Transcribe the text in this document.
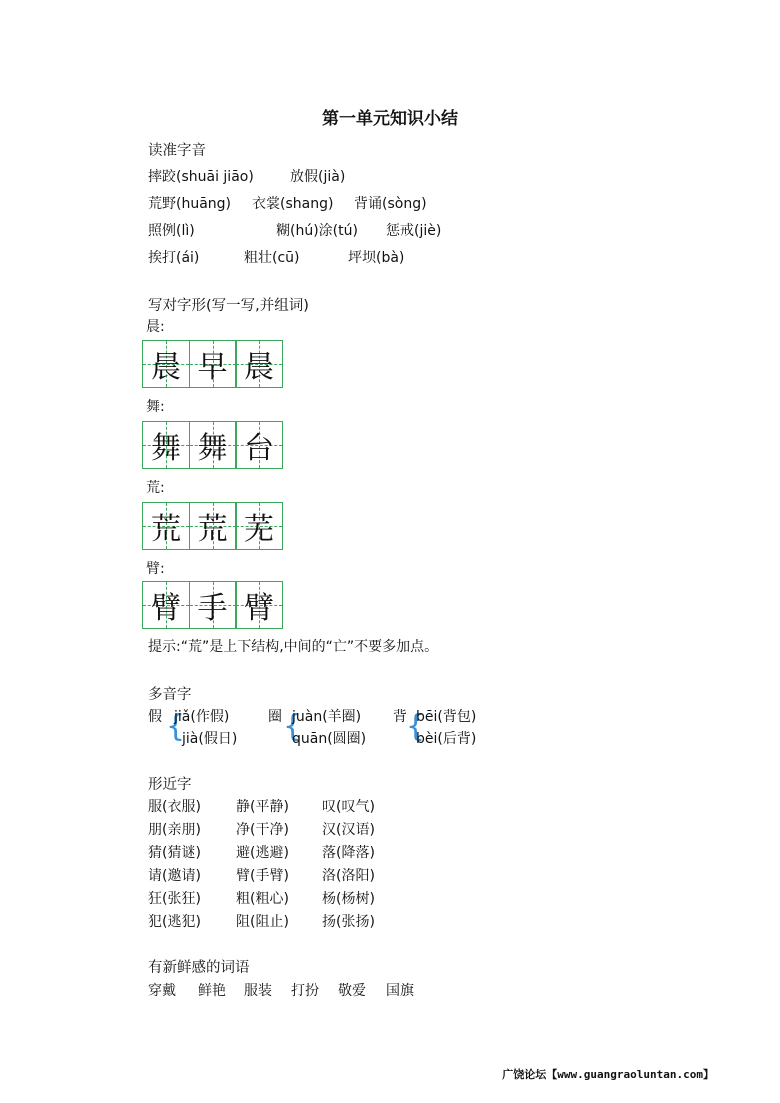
第一单元知识小结
读准字音
摔跤(shuāi jiāo)	放假(jià)
荒野(huāng) 衣裳(shang) 背诵(sòng)
照例(lì)	糊(hú)涂(tú) 惩戒(jiè)
挨打(ái)	粗壮(cū)	坪坝(bà)
写对字形(写一写,并组词)
晨:
晨 早 晨
舞:
舞 舞 台
荒:
荒 荒 芜
臂:
臂 手 臂
提示:“荒”是上下结构,中间的“亡”不要多加点。
多音字
假 {
jiǎ(作假)
jià(假日)
圈 {
juàn(羊圈)
quān(圆圈)
背 {
bēi(背包)
bèi(后背)
形近字
服(衣服)	静(平静) 叹(叹气)
朋(亲朋)	净(干净) 汉(汉语)
猜(猜谜)	避(逃避) 落(降落)
请(邀请)	臂(手臂) 洛(洛阳)
狂(张狂)	粗(粗心) 杨(杨树)
犯(逃犯)	阻(阻止) 扬(张扬)
有新鲜感的词语
穿戴 鲜艳 服装 打扮 敬爱 国旗
广饶论坛【www.guangraoluntan.com】
